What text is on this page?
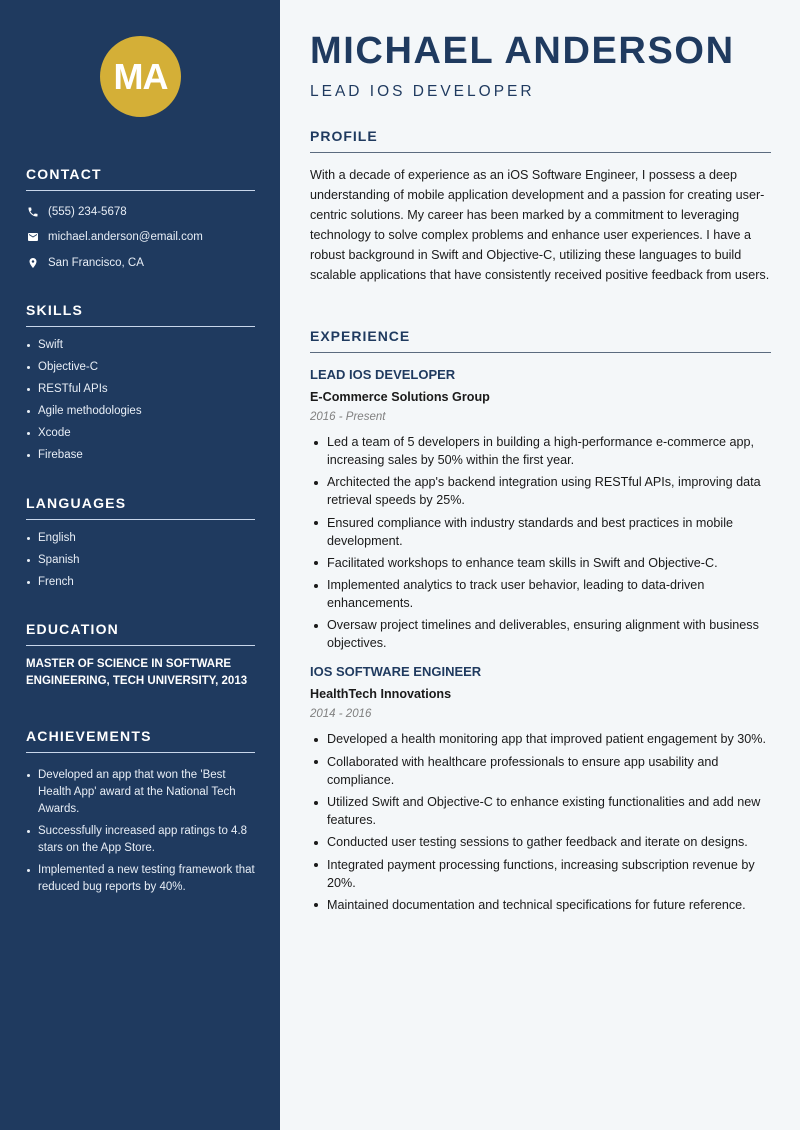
MA
CONTACT
(555) 234-5678
michael.anderson@email.com
San Francisco, CA
SKILLS
Swift
Objective-C
RESTful APIs
Agile methodologies
Xcode
Firebase
LANGUAGES
English
Spanish
French
EDUCATION

MASTER OF SCIENCE IN SOFTWARE ENGINEERING, TECH UNIVERSITY, 2013

ACHIEVEMENTS
Developed an app that won the 'Best Health App' award at the National Tech Awards.
Successfully increased app ratings to 4.8 stars on the App Store.
Implemented a new testing framework that reduced bug reports by 40%.
MICHAEL ANDERSON
LEAD IOS DEVELOPER
PROFILE

With a decade of experience as an iOS Software Engineer, I possess a deep understanding of mobile application development and a passion for creating user-centric solutions. My career has been marked by a commitment to leveraging technology to solve complex problems and enhance user experiences. I have a robust background in Swift and Objective-C, utilizing these languages to build scalable applications that have consistently received positive feedback from users.

EXPERIENCE
LEAD IOS DEVELOPER
E-Commerce Solutions Group
2016 - Present
Led a team of 5 developers in building a high-performance e-commerce app, increasing sales by 50% within the first year.
Architected the app's backend integration using RESTful APIs, improving data retrieval speeds by 25%.
Ensured compliance with industry standards and best practices in mobile development.
Facilitated workshops to enhance team skills in Swift and Objective-C.
Implemented analytics to track user behavior, leading to data-driven enhancements.
Oversaw project timelines and deliverables, ensuring alignment with business objectives.
IOS SOFTWARE ENGINEER
HealthTech Innovations
2014 - 2016
Developed a health monitoring app that improved patient engagement by 30%.
Collaborated with healthcare professionals to ensure app usability and compliance.
Utilized Swift and Objective-C to enhance existing functionalities and add new features.
Conducted user testing sessions to gather feedback and iterate on designs.
Integrated payment processing functions, increasing subscription revenue by 20%.
Maintained documentation and technical specifications for future reference.
